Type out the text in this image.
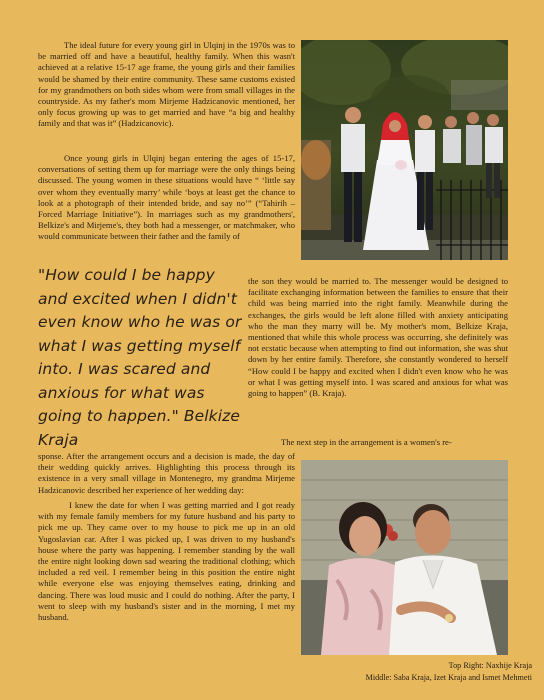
The ideal future for every young girl in Ulqinj in the 1970s was to be married off and have a beautiful, healthy family. When this wasn't achieved at a relative 15-17 age frame, the young girls and their families would be shamed by their entire community. These same customs existed for my grandmothers on both sides whom were from small villages in the countryside. As my father's mom Mirjeme Hadzicanovic mentioned, her only focus growing up was to get married and have “a big and healthy family and that was it” (Hadzicanovic).

Once young girls in Ulqinj began entering the ages of 15-17, conversations of setting them up for marriage were the only things being discussed. The young women in these situations would have “ ‘little say over whom they eventually marry’ while ‘boys at least get the chance to look at a photograph of their intended bride, and say no’” (“Tahirih – Forced Marriage Initiative”). In marriages such as my grandmothers', Belkize's and Mirjeme's, they both had a messenger, or matchmaker, who would communicate between their father and the family of

"How could I be happy and excited when I didn't even know who he was or what I was getting myself into. I was scared and anxious for what was going to happen." Belkize Kraja

the son they would be married to. The messenger would be designed to facilitate exchanging information between the families to ensure that their child was being married into the right family. Meanwhile during the exchanges, the girls would be left alone filled with anxiety anticipating who the man they marry will be. My mother's mom, Belkize Kraja, mentioned that while this whole process was occurring, she definitely was not ecstatic because when attempting to find out information, she was shut down by her entire family. Therefore, she constantly wondered to herself “How could I be happy and excited when I didn't even know who he was or what I was getting myself into. I was scared and anxious for what was going to happen” (B. Kraja).

The next step in the arrangement is a women's re-

sponse. After the arrangement occurs and a decision is made, the day of their wedding quickly arrives. Highlighting this process through its existence in a very small village in Montenegro, my grandma Mirjeme Hadzicanovic described her experience of her wedding day:

I knew the date for when I was getting married and I got ready with my female family members for my future husband and his party to pick me up. They came over to my house to pick me up in an old Yugoslavian car. After I was picked up, I was driven to my husband's house where the party was happening. I remember standing by the wall the entire night looking down sad wearing the traditional clothing; which included a red veil. I remember being in this position the entire night while everyone else was enjoying themselves eating, drinking and dancing. There was loud music and I could do nothing. After the party, I went to sleep with my husband's sister and in the morning, I met my husband.

Top Right: Naxhije Kraja
Middle: Saba Kraja, Izet Kraja and Ismet Mehmeti
